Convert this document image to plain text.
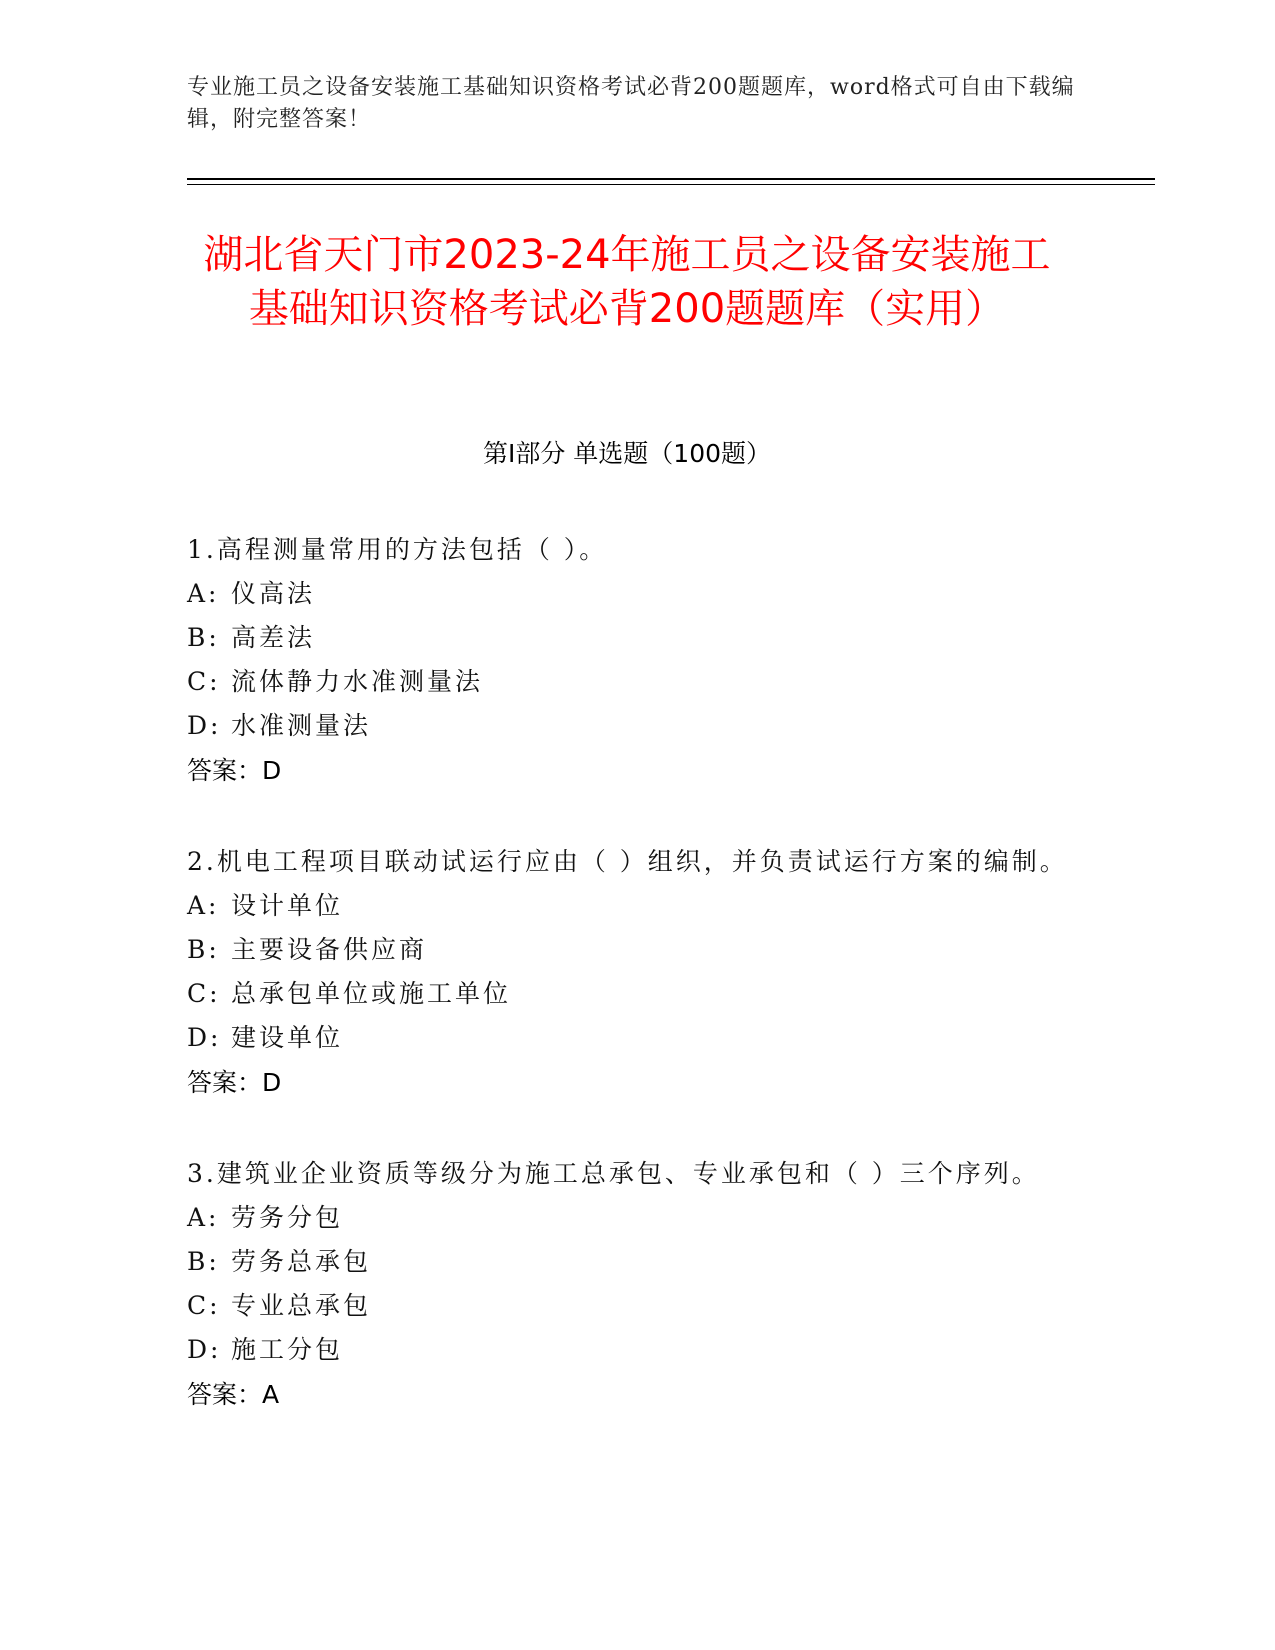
专业施工员之设备安装施工基础知识资格考试必背200题题库，word格式可自由下载编辑，附完整答案！
湖北省天门市2023-24年施工员之设备安装施工基础知识资格考试必背200题题库（实用）
第Ⅰ部分 单选题（100题）

1.高程测量常用的方法包括（ ）。

A: 仪高法

B: 高差法

C: 流体静力水准测量法

D: 水准测量法

答案：D

2.机电工程项目联动试运行应由（ ）组织，并负责试运行方案的编制。

A: 设计单位

B: 主要设备供应商

C: 总承包单位或施工单位

D: 建设单位

答案：D

3.建筑业企业资质等级分为施工总承包、专业承包和（ ）三个序列。

A: 劳务分包

B: 劳务总承包

C: 专业总承包

D: 施工分包

答案：A
